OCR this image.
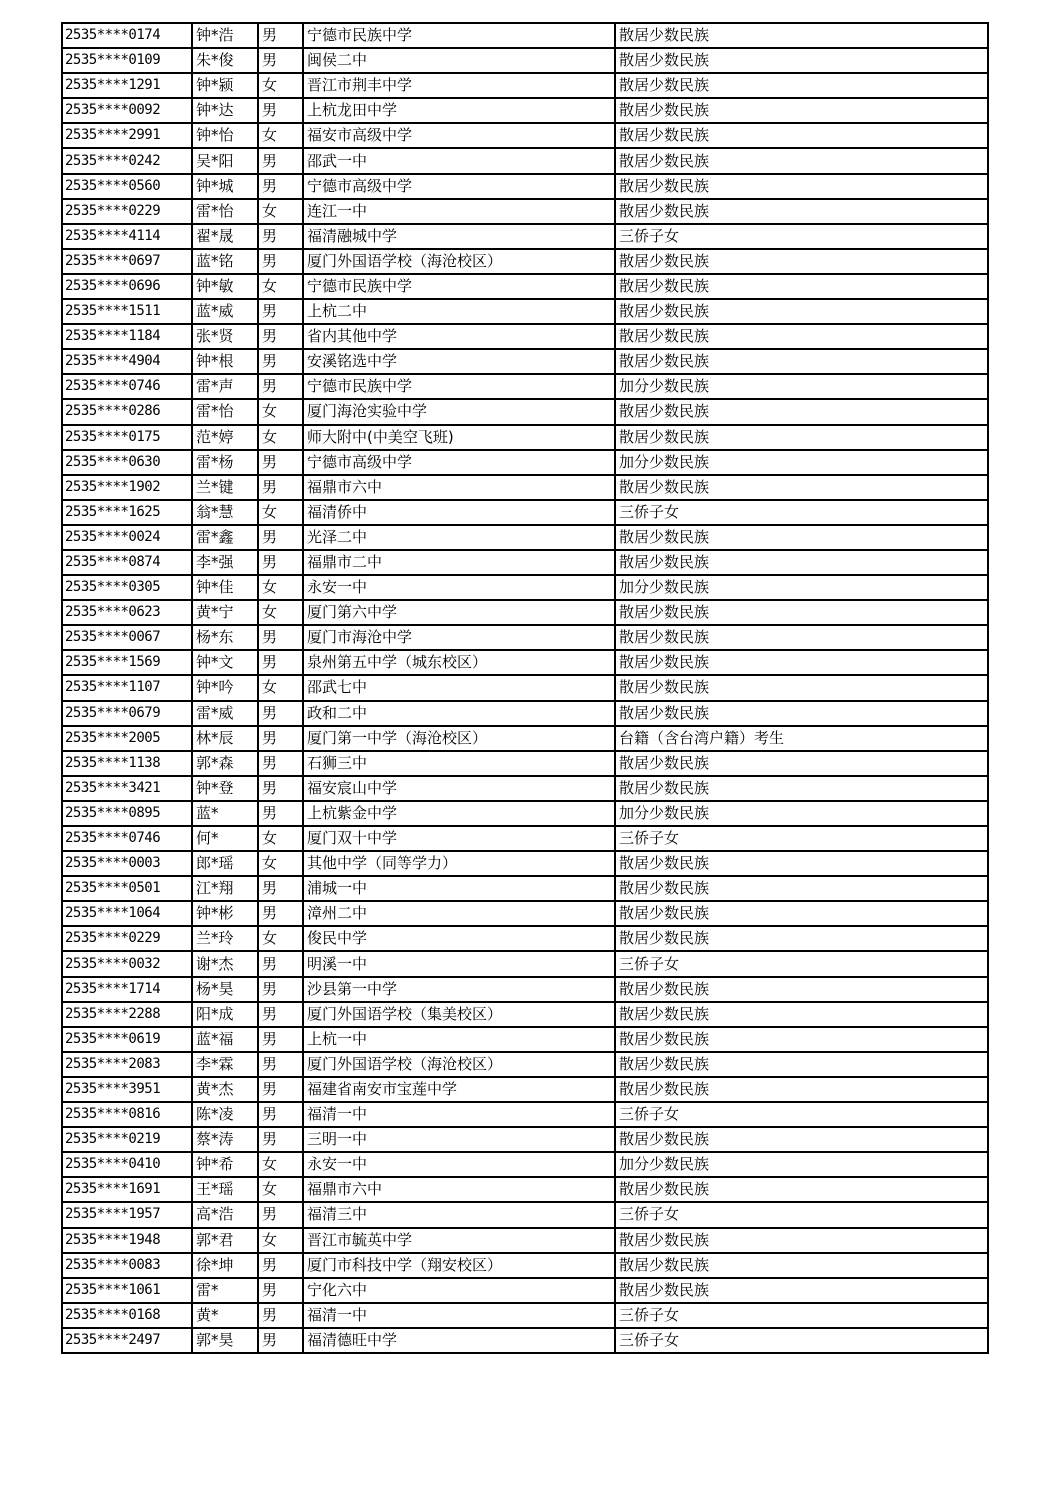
2535****0174	钟*浩	男	宁德市民族中学	散居少数民族
2535****0109	朱*俊	男	闽侯二中	散居少数民族
2535****1291	钟*颍	女	晋江市荆丰中学	散居少数民族
2535****0092	钟*达	男	上杭龙田中学	散居少数民族
2535****2991	钟*怡	女	福安市高级中学	散居少数民族
2535****0242	吴*阳	男	邵武一中	散居少数民族
2535****0560	钟*城	男	宁德市高级中学	散居少数民族
2535****0229	雷*怡	女	连江一中	散居少数民族
2535****4114	翟*晟	男	福清融城中学	三侨子女
2535****0697	蓝*铭	男	厦门外国语学校（海沧校区）	散居少数民族
2535****0696	钟*敏	女	宁德市民族中学	散居少数民族
2535****1511	蓝*威	男	上杭二中	散居少数民族
2535****1184	张*贤	男	省内其他中学	散居少数民族
2535****4904	钟*根	男	安溪铭选中学	散居少数民族
2535****0746	雷*声	男	宁德市民族中学	加分少数民族
2535****0286	雷*怡	女	厦门海沧实验中学	散居少数民族
2535****0175	范*婷	女	师大附中(中美空飞班)	散居少数民族
2535****0630	雷*杨	男	宁德市高级中学	加分少数民族
2535****1902	兰*键	男	福鼎市六中	散居少数民族
2535****1625	翁*慧	女	福清侨中	三侨子女
2535****0024	雷*鑫	男	光泽二中	散居少数民族
2535****0874	李*强	男	福鼎市二中	散居少数民族
2535****0305	钟*佳	女	永安一中	加分少数民族
2535****0623	黄*宁	女	厦门第六中学	散居少数民族
2535****0067	杨*东	男	厦门市海沧中学	散居少数民族
2535****1569	钟*文	男	泉州第五中学（城东校区）	散居少数民族
2535****1107	钟*吟	女	邵武七中	散居少数民族
2535****0679	雷*威	男	政和二中	散居少数民族
2535****2005	林*辰	男	厦门第一中学（海沧校区）	台籍（含台湾户籍）考生
2535****1138	郭*森	男	石狮三中	散居少数民族
2535****3421	钟*登	男	福安宸山中学	散居少数民族
2535****0895	蓝*	男	上杭紫金中学	加分少数民族
2535****0746	何*	女	厦门双十中学	三侨子女
2535****0003	郎*瑶	女	其他中学（同等学力）	散居少数民族
2535****0501	江*翔	男	浦城一中	散居少数民族
2535****1064	钟*彬	男	漳州二中	散居少数民族
2535****0229	兰*玲	女	俊民中学	散居少数民族
2535****0032	谢*杰	男	明溪一中	三侨子女
2535****1714	杨*昊	男	沙县第一中学	散居少数民族
2535****2288	阳*成	男	厦门外国语学校（集美校区）	散居少数民族
2535****0619	蓝*福	男	上杭一中	散居少数民族
2535****2083	李*霖	男	厦门外国语学校（海沧校区）	散居少数民族
2535****3951	黄*杰	男	福建省南安市宝莲中学	散居少数民族
2535****0816	陈*凌	男	福清一中	三侨子女
2535****0219	蔡*涛	男	三明一中	散居少数民族
2535****0410	钟*希	女	永安一中	加分少数民族
2535****1691	王*瑶	女	福鼎市六中	散居少数民族
2535****1957	高*浩	男	福清三中	三侨子女
2535****1948	郭*君	女	晋江市毓英中学	散居少数民族
2535****0083	徐*坤	男	厦门市科技中学（翔安校区）	散居少数民族
2535****1061	雷*	男	宁化六中	散居少数民族
2535****0168	黄*	男	福清一中	三侨子女
2535****2497	郭*昊	男	福清德旺中学	三侨子女
